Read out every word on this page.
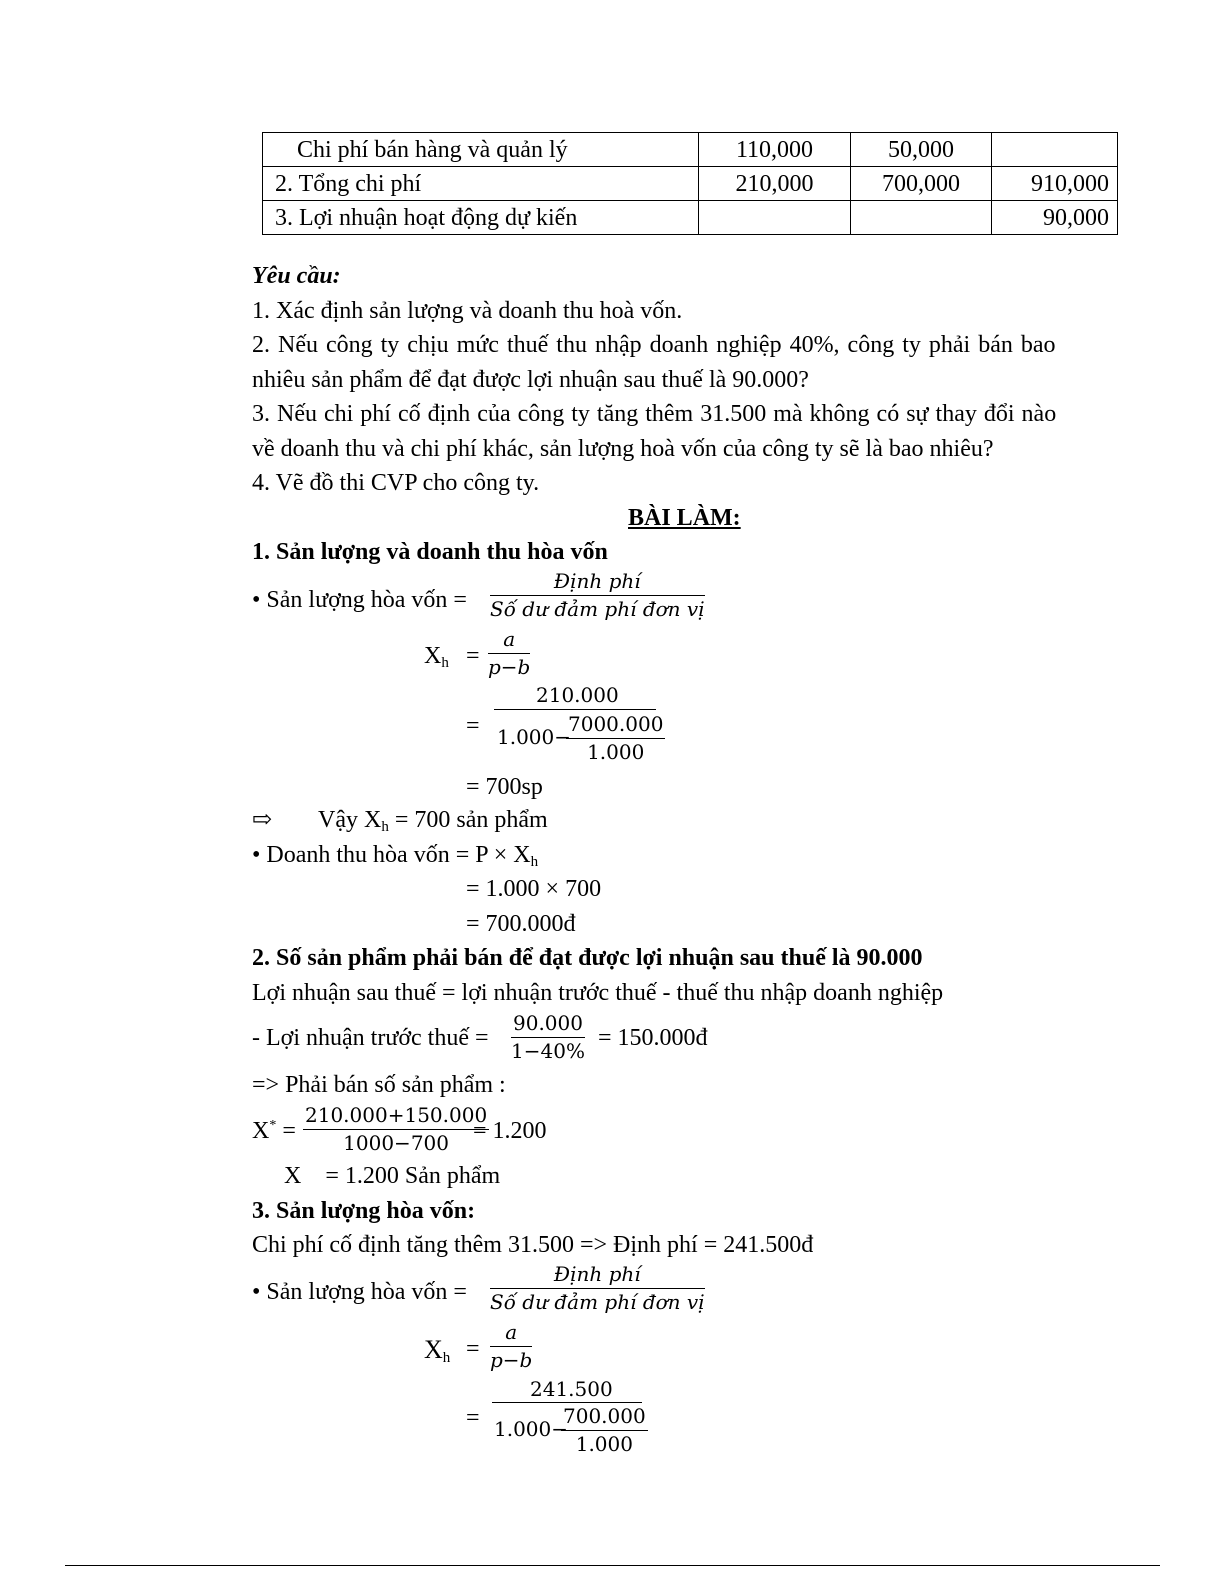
Chi phí bán hàng và quản lý	110,000	50,000	
2. Tổng chi phí	210,000	700,000	910,000
3. Lợi nhuận hoạt động dự kiến			90,000
Yêu cầu:
1. Xác định sản lượng và doanh thu hoà vốn.
2. Nếu công ty chịu mức thuế thu nhập doanh nghiệp 40%, công ty phải bán bao
nhiêu sản phẩm để đạt được lợi nhuận sau thuế là 90.000?
3. Nếu chi phí cố định của công ty tăng thêm 31.500 mà không có sự thay đổi nào
về doanh thu và chi phí khác, sản lượng hoà vốn của công ty sẽ là bao nhiêu?
4. Vẽ đồ thi CVP cho công ty.
BÀI LÀM:
1. Sản lượng và doanh thu hòa vốn
• Sản lượng hòa vốn =
Định phí
Số dư đảm phí đơn vị
$X_h = \frac{a}{p-b}$
=
210.000
1.000−
$\frac{7000.000}{1.000}$
= 700sp
⇨ Vậy $X_h = 700$ sản phẩm
• Doanh thu hòa vốn = $P \times X_h$
= 1.000 × 700
= 700.000đ
2. Số sản phẩm phải bán để đạt được lợi nhuận sau thuế là 90.000
Lợi nhuận sau thuế = lợi nhuận trước thuế - thuế thu nhập doanh nghiệp
- Lợi nhuận trước thuế = $\frac{90.000}{1-40\%}$ = 150.000đ
=> Phải bán số sản phẩm :
$X^* = \frac{210.000+150.000}{1000-700}$
= 1.200
X    = 1.200 Sản phẩm
3. Sản lượng hòa vốn:
Chi phí cố định tăng thêm 31.500 => Định phí = 241.500đ
• Sản lượng hòa vốn =
Định phí
Số dư đảm phí đơn vị
$X_h = \frac{a}{p-b}$
=
241.500
1.000−
$\frac{700.000}{1.000}$
